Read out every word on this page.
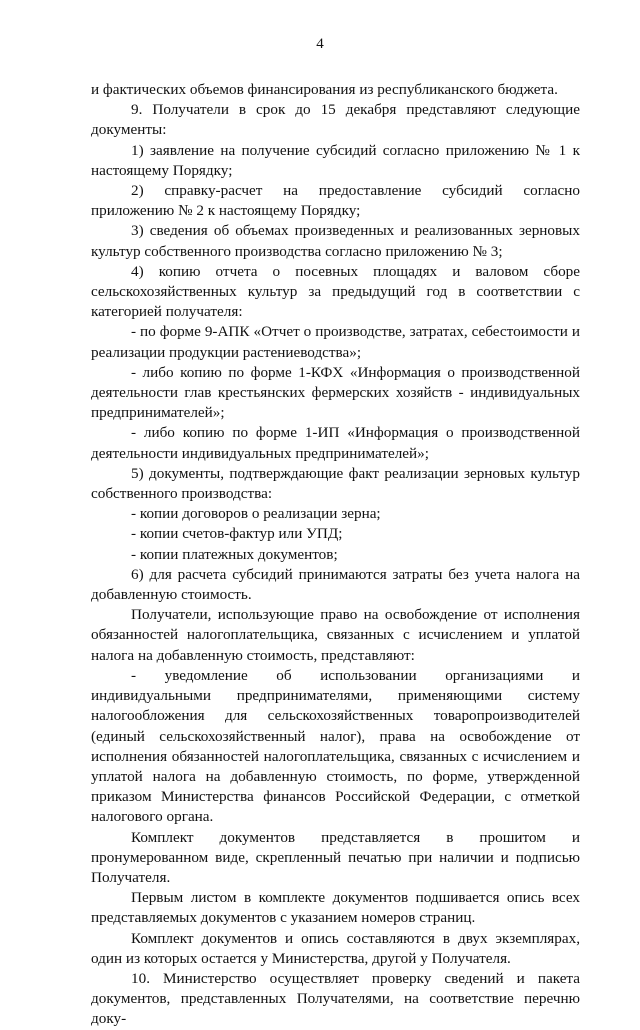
4

и фактических объемов финансирования из республиканского бюджета.

9. Получатели в срок до 15 декабря представляют следующие документы:

1) заявление на получение субсидий согласно приложению № 1 к настоящему Порядку;

2) справку-расчет на предоставление субсидий согласно приложению № 2 к настоящему Порядку;

3) сведения об объемах произведенных и реализованных зерновых культур собственного производства согласно приложению № 3;

4) копию отчета о посевных площадях и валовом сборе сельскохозяйственных культур за предыдущий год в соответствии с категорией получателя:

- по форме 9-АПК «Отчет о производстве, затратах, себестоимости и реализации продукции растениеводства»;

- либо копию по форме 1-КФХ «Информация о производственной деятельности глав крестьянских фермерских хозяйств - индивидуальных предпринимателей»;

- либо копию по форме 1-ИП «Информация о производственной деятельности индивидуальных предпринимателей»;

5) документы, подтверждающие факт реализации зерновых культур собственного производства:

- копии договоров о реализации зерна;

- копии счетов-фактур или УПД;

- копии платежных документов;

6) для расчета субсидий принимаются затраты без учета налога на добавленную стоимость.

Получатели, использующие право на освобождение от исполнения обязанностей налогоплательщика, связанных с исчислением и уплатой налога на добавленную стоимость, представляют:

- уведомление об использовании организациями и индивидуальными предпринимателями, применяющими систему налогообложения для сельскохозяйственных товаропроизводителей (единый сельскохозяйственный налог), права на освобождение от исполнения обязанностей налогоплательщика, связанных с исчислением и уплатой налога на добавленную стоимость, по форме, утвержденной приказом Министерства финансов Российской Федерации, с отметкой налогового органа.

Комплект документов представляется в прошитом и пронумерованном виде, скрепленный печатью при наличии и подписью Получателя.

Первым листом в комплекте документов подшивается опись всех представляемых документов с указанием номеров страниц.

Комплект документов и опись составляются в двух экземплярах, один из которых остается у Министерства, другой у Получателя.

10. Министерство осуществляет проверку сведений и пакета документов, представленных Получателями, на соответствие перечню доку-
